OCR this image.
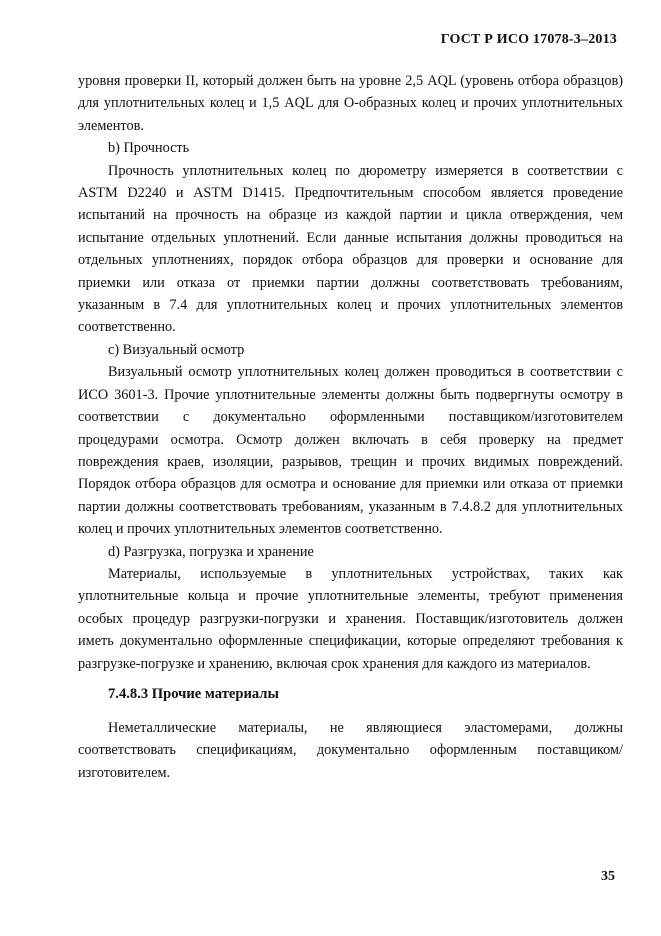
ГОСТ Р ИСО 17078-3–2013

уровня проверки II, который должен быть на уровне 2,5 AQL (уровень отбора образцов) для уплотнительных колец и 1,5 AQL для O-образных колец и прочих уплотнительных элементов.

b) Прочность

Прочность уплотнительных колец по дюрометру измеряется в соответствии с ASTM D2240 и ASTM D1415. Предпочтительным способом является проведение испытаний на прочность на образце из каждой партии и цикла отверждения, чем испытание отдельных уплотнений. Если данные испытания должны проводиться на отдельных уплотнениях, порядок отбора образцов для проверки и основание для приемки или отказа от приемки партии должны соответствовать требованиям, указанным в 7.4 для уплотнительных колец и прочих уплотнительных элементов соответственно.

c) Визуальный осмотр

Визуальный осмотр уплотнительных колец должен проводиться в соответствии с ИСО 3601-3. Прочие уплотнительные элементы должны быть подвергнуты осмотру в соответствии с документально оформленными поставщиком/изготовителем процедурами осмотра. Осмотр должен включать в себя проверку на предмет повреждения краев, изоляции, разрывов, трещин и прочих видимых повреждений. Порядок отбора образцов для осмотра и основание для приемки или отказа от приемки партии должны соответствовать требованиям, указанным в 7.4.8.2 для уплотнительных колец и прочих уплотнительных элементов соответственно.

d) Разгрузка, погрузка и хранение

Материалы, используемые в уплотнительных устройствах, таких как уплотнительные кольца и прочие уплотнительные элементы, требуют применения особых процедур разгрузки-погрузки и хранения. Поставщик/изготовитель должен иметь документально оформленные спецификации, которые определяют требования к разгрузке-погрузке и хранению, включая срок хранения для каждого из материалов.

7.4.8.3 Прочие материалы

Неметаллические материалы, не являющиеся эластомерами, должны соответствовать спецификациям, документально оформленным поставщиком/изготовителем.

35
